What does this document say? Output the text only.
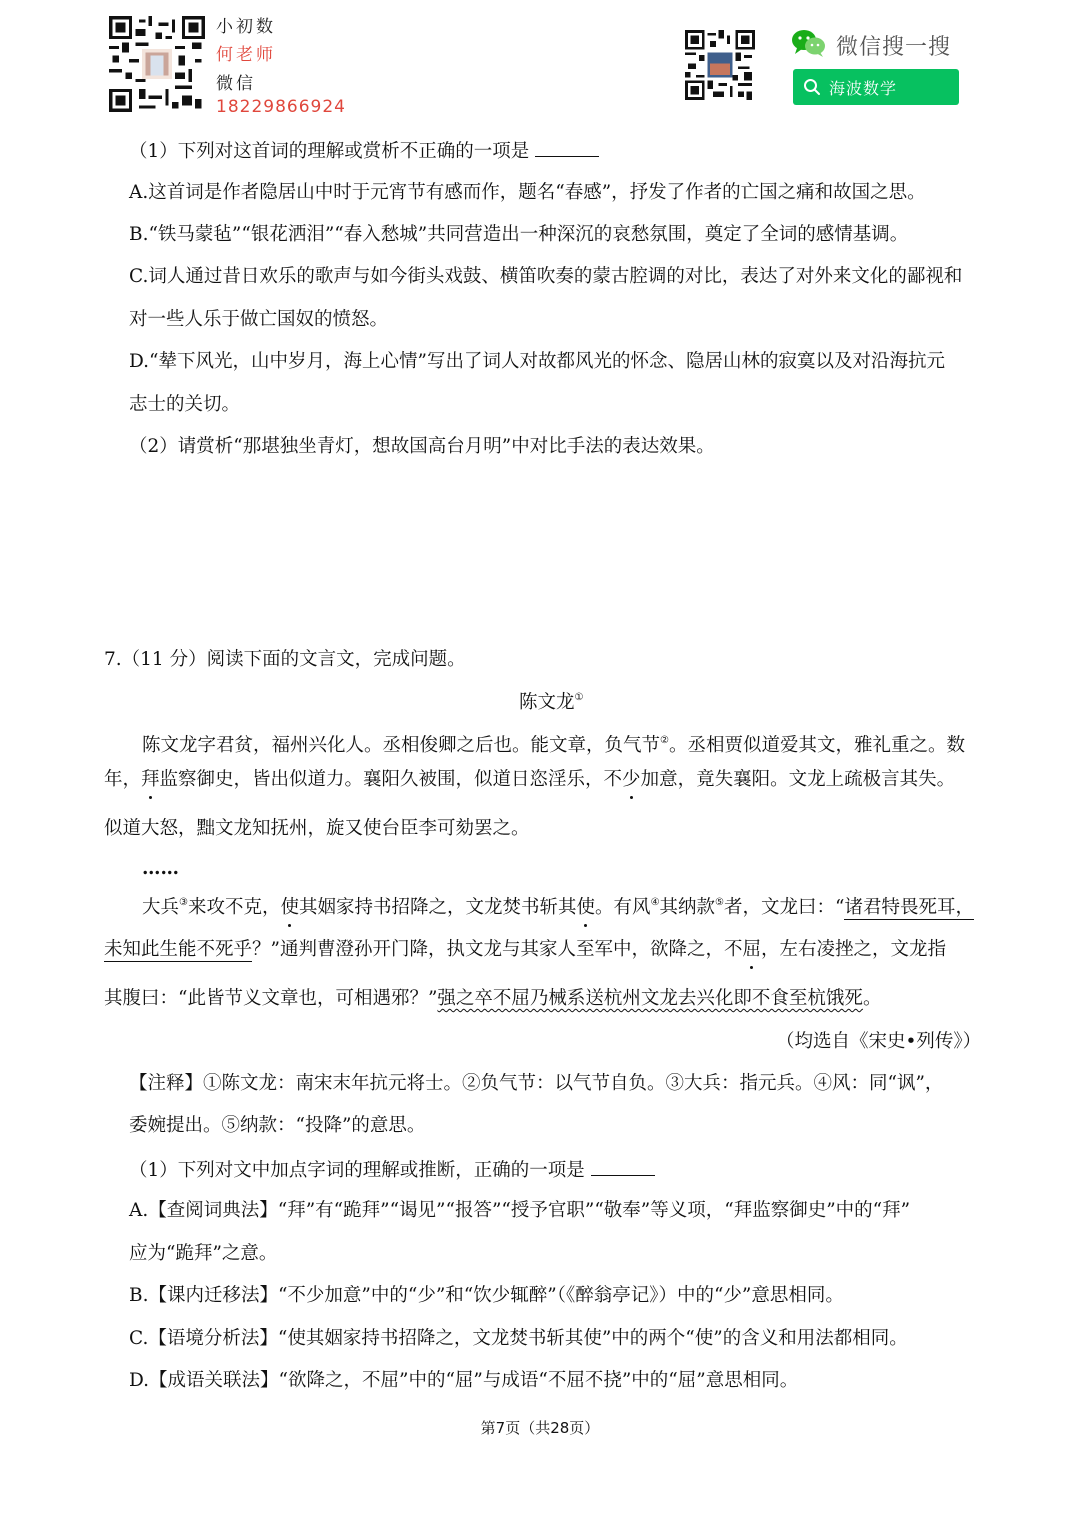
小初数
何老师
微信
18229866924
微信搜一搜
海波数学
（1）下列对这首词的理解或赏析不正确的一项是
A.这首词是作者隐居山中时于元宵节有感而作，题名“春感”，抒发了作者的亡国之痛和故国之思。
B.“铁马蒙毡”“银花洒泪”“春入愁城”共同营造出一种深沉的哀愁氛围，奠定了全词的感情基调。
C.词人通过昔日欢乐的歌声与如今街头戏鼓、横笛吹奏的蒙古腔调的对比，表达了对外来文化的鄙视和
对一些人乐于做亡国奴的愤怒。
D.“辇下风光，山中岁月，海上心情”写出了词人对故都风光的怀念、隐居山林的寂寞以及对沿海抗元
志士的关切。
（2）请赏析“那堪独坐青灯，想故国高台月明”中对比手法的表达效果。
7.（11 分）阅读下面的文言文，完成问题。
陈文龙①
陈文龙字君贫，福州兴化人。丞相俊卿之后也。能文章，负气节②。丞相贾似道爱其文，雅礼重之。数
年，拜监察御史，皆出似道力。襄阳久被围，似道日恣淫乐，不少加意，竟失襄阳。文龙上疏极言其失。
似道大怒，黜文龙知抚州，旋又使台臣李可劾罢之。
……
大兵③来攻不克，使其姻家持书招降之，文龙焚书斩其使。有风④其纳款⑤者，文龙曰：“诸君特畏死耳，
未知此生能不死乎？”通判曹澄孙开门降，执文龙与其家人至军中，欲降之，不屈，左右凌挫之，文龙指
其腹曰：“此皆节义文章也，可相遇邪？”强之卒不屈乃械系送杭州文龙去兴化即不食至杭饿死。
（均选自《宋史•列传》）
【注释】①陈文龙：南宋末年抗元将士。②负气节：以气节自负。③大兵：指元兵。④风：同“讽”，
委婉提出。⑤纳款：“投降”的意思。
（1）下列对文中加点字词的理解或推断，正确的一项是
A.【查阅词典法】“拜”有“跪拜”“谒见”“报答”“授予官职”“敬奉”等义项，“拜监察御史”中的“拜”
应为“跪拜”之意。
B.【课内迁移法】“不少加意”中的“少”和“饮少辄醉”（《醉翁亭记》）中的“少”意思相同。
C.【语境分析法】“使其姻家持书招降之，文龙焚书斩其使”中的两个“使”的含义和用法都相同。
D.【成语关联法】“欲降之，不屈”中的“屈”与成语“不屈不挠”中的“屈”意思相同。
第7页（共28页）
